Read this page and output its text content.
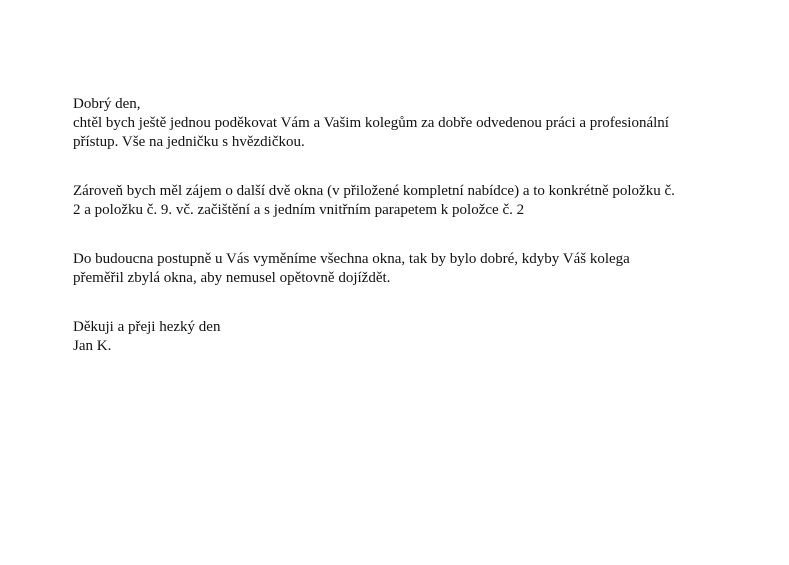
Dobrý den,

chtěl bych ještě jednou poděkovat Vám a Vašim kolegům za dobře odvedenou práci a profesionální
přístup. Vše na jedničku s hvězdičkou.
Zároveň bych měl zájem o další dvě okna (v přiložené kompletní nabídce) a to konkrétně položku č.
2 a položku č. 9. vč. začištění a s jedním vnitřním parapetem k položce č. 2
Do budoucna postupně u Vás vyměníme všechna okna, tak by bylo dobré, kdyby Váš kolega
přeměřil zbylá okna, aby nemusel opětovně dojíždět.

Děkuji a přeji hezký den

Jan K.
